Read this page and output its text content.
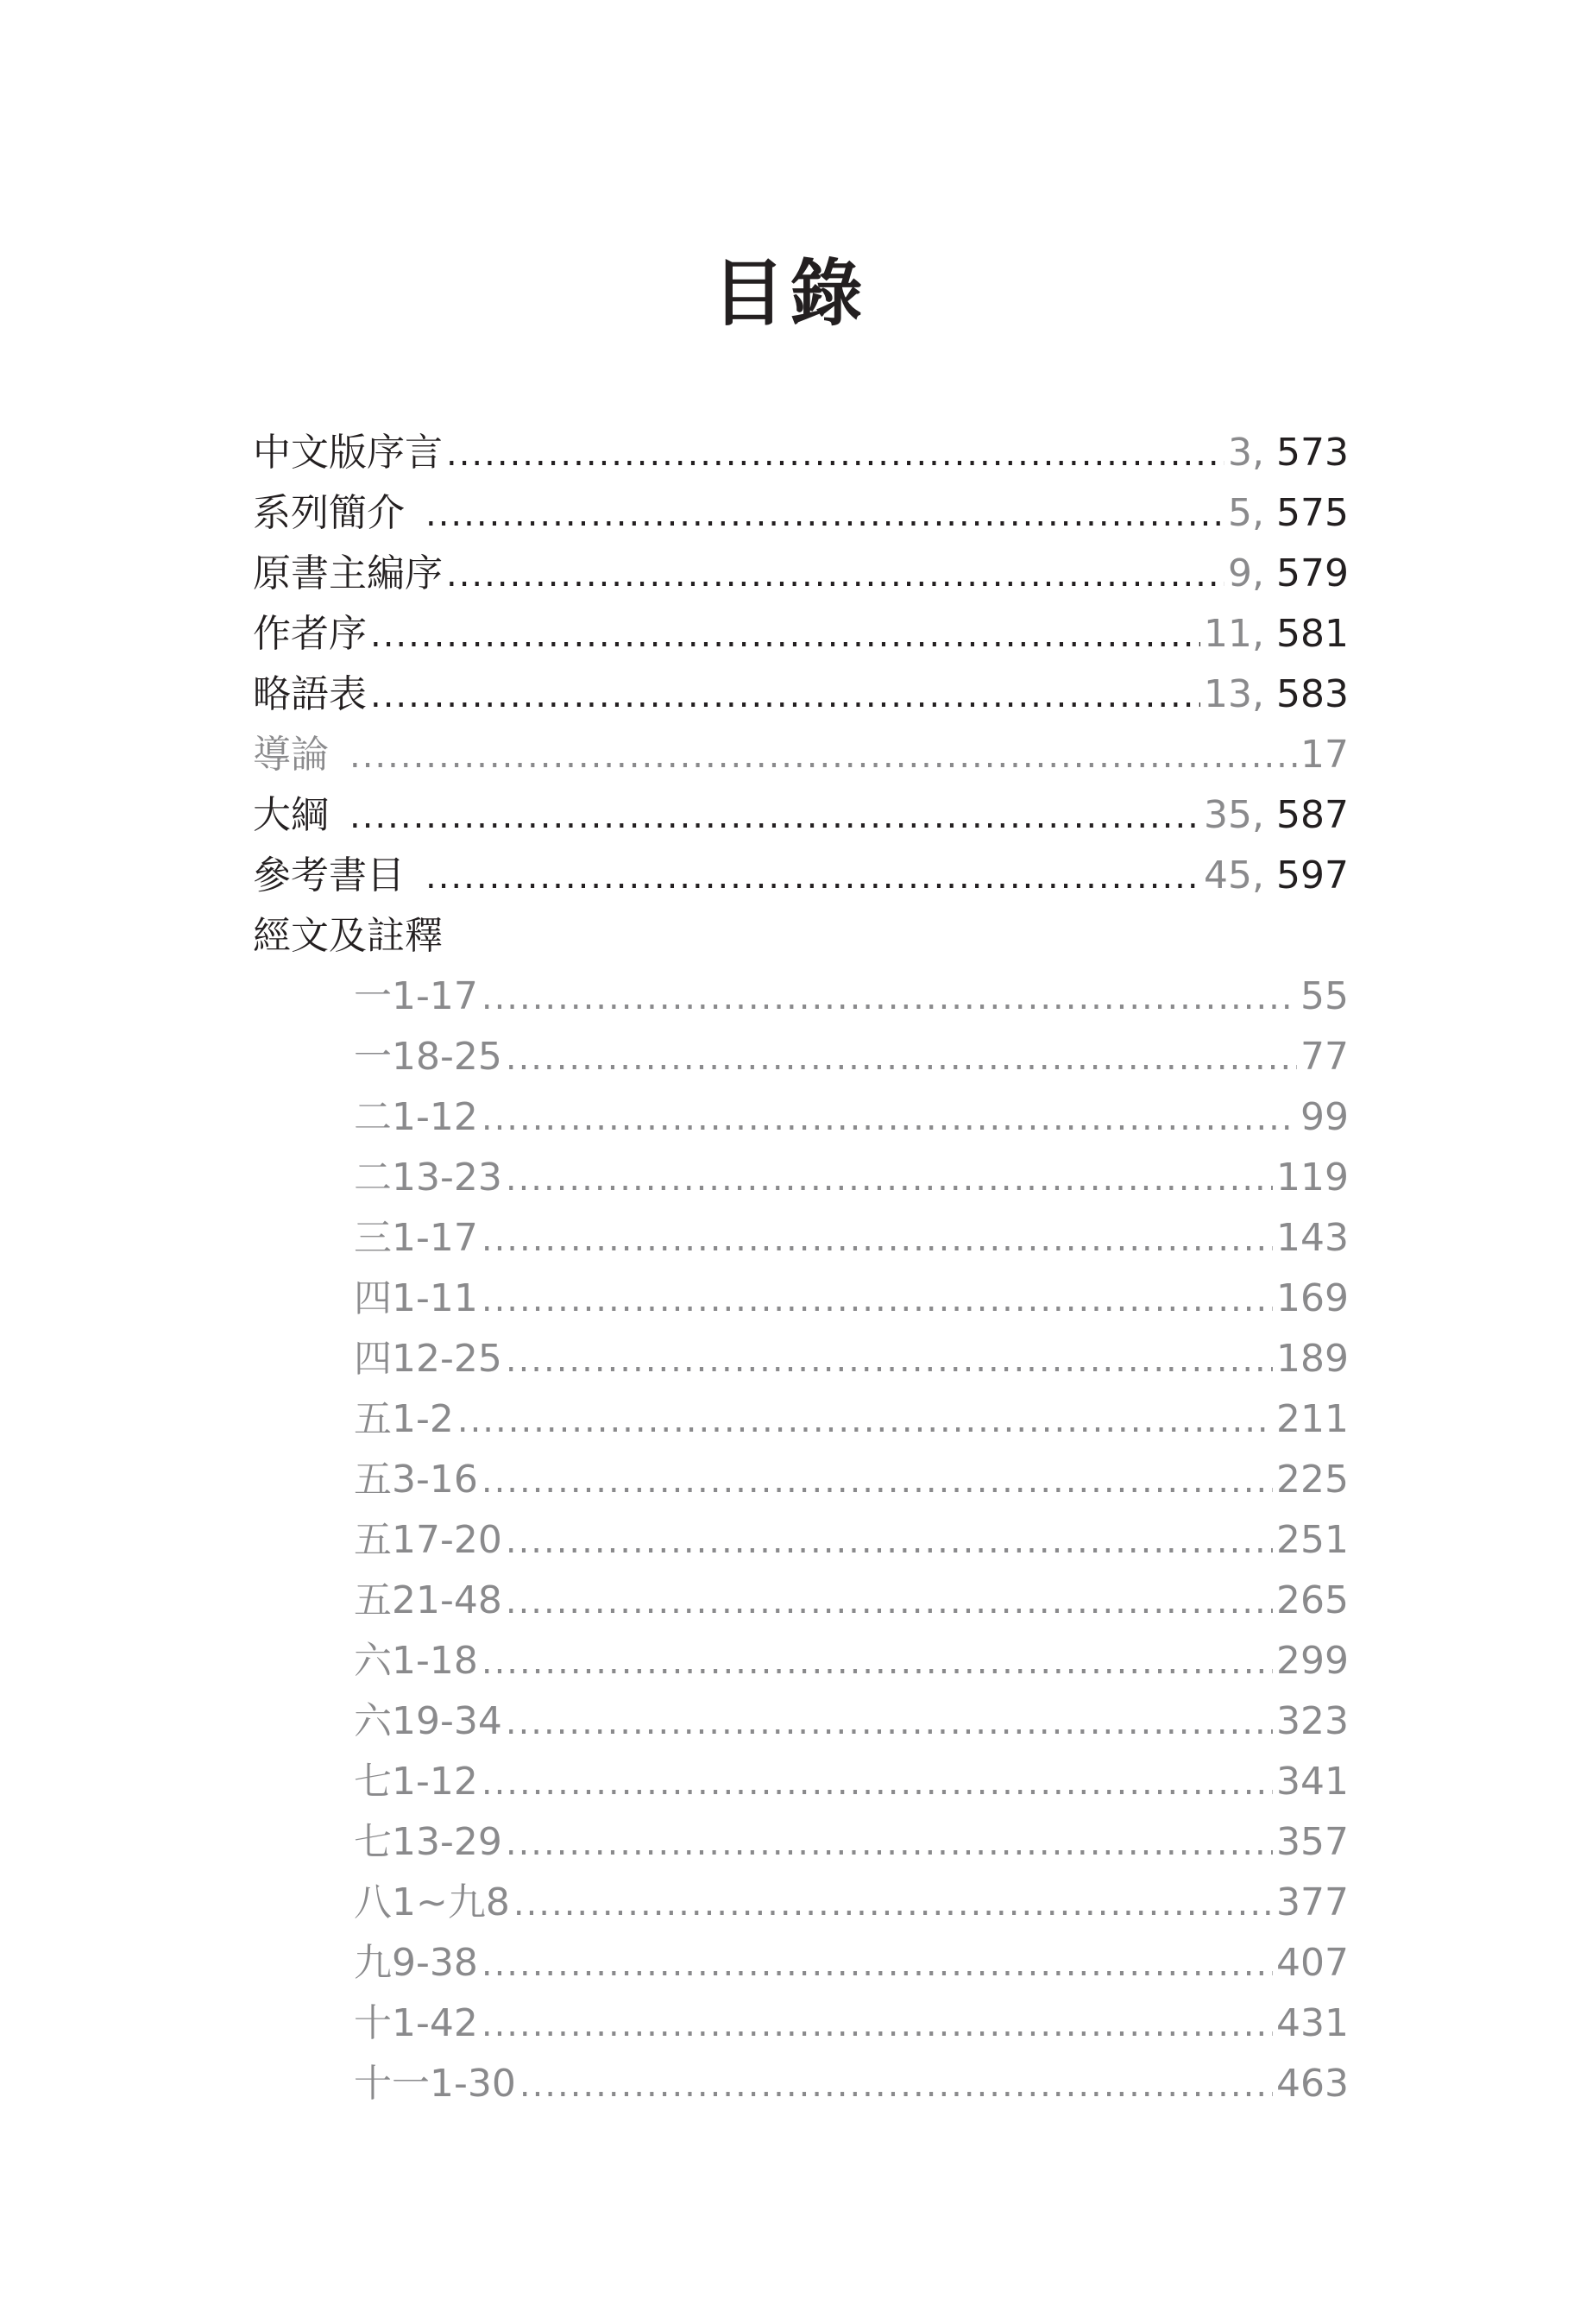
目錄
中文版序言 .....	3, 573
系列簡介 .....	5, 575
原書主編序 .....	9, 579
作者序 .....	11, 581
略語表 .....	13, 583
導論 .....	17
大綱 .....	35, 587
參考書目 .....	45, 597
經文及註釋
一1-17 .....	55
一18-25 .....	77
二1-12 .....	99
二13-23 .....	119
三1-17 .....	143
四1-11 .....	169
四12-25 .....	189
五1-2 .....	211
五3-16 .....	225
五17-20 .....	251
五21-48 .....	265
六1-18 .....	299
六19-34 .....	323
七1-12 .....	341
七13-29 .....	357
八1~九8 .....	377
九9-38 .....	407
十1-42 .....	431
十一1-30 .....	463
